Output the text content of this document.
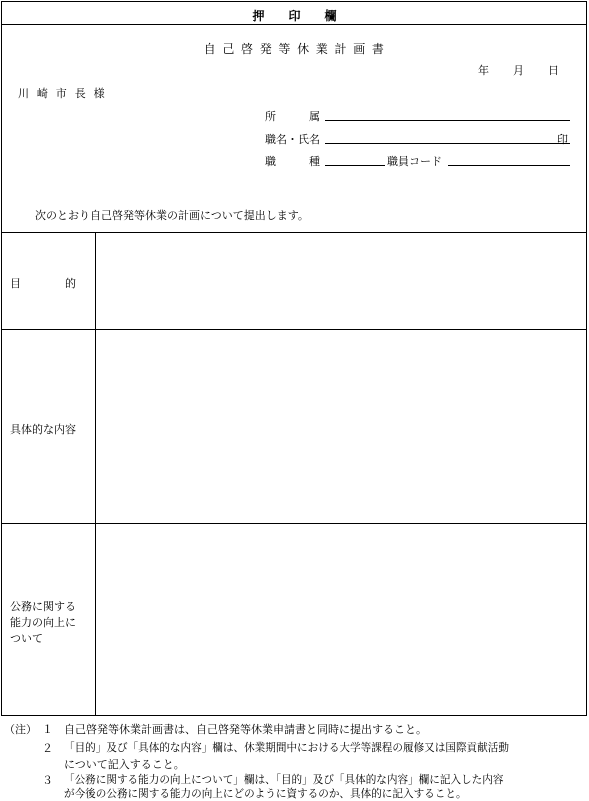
押　　印　　欄
自 己 啓 発 等 休 業 計 画 書
年 月 日
川 崎 市 長 様
所　　　属
職名・氏名	印
職　　　種	職員コード
次のとおり自己啓発等休業の計画について提出します。
目　　　　的
具体的な内容
公務に関する
能力の向上に
ついて
（注） １ 自己啓発等休業計画書は、自己啓発等休業申請書と同時に提出すること。
２ 「目的」及び「具体的な内容」欄は、休業期間中における大学等課程の履修又は国際貢献活動
について記入すること。
３ 「公務に関する能力の向上について」欄は、「目的」及び「具体的な内容」欄に記入した内容
が今後の公務に関する能力の向上にどのように資するのか、具体的に記入すること。
